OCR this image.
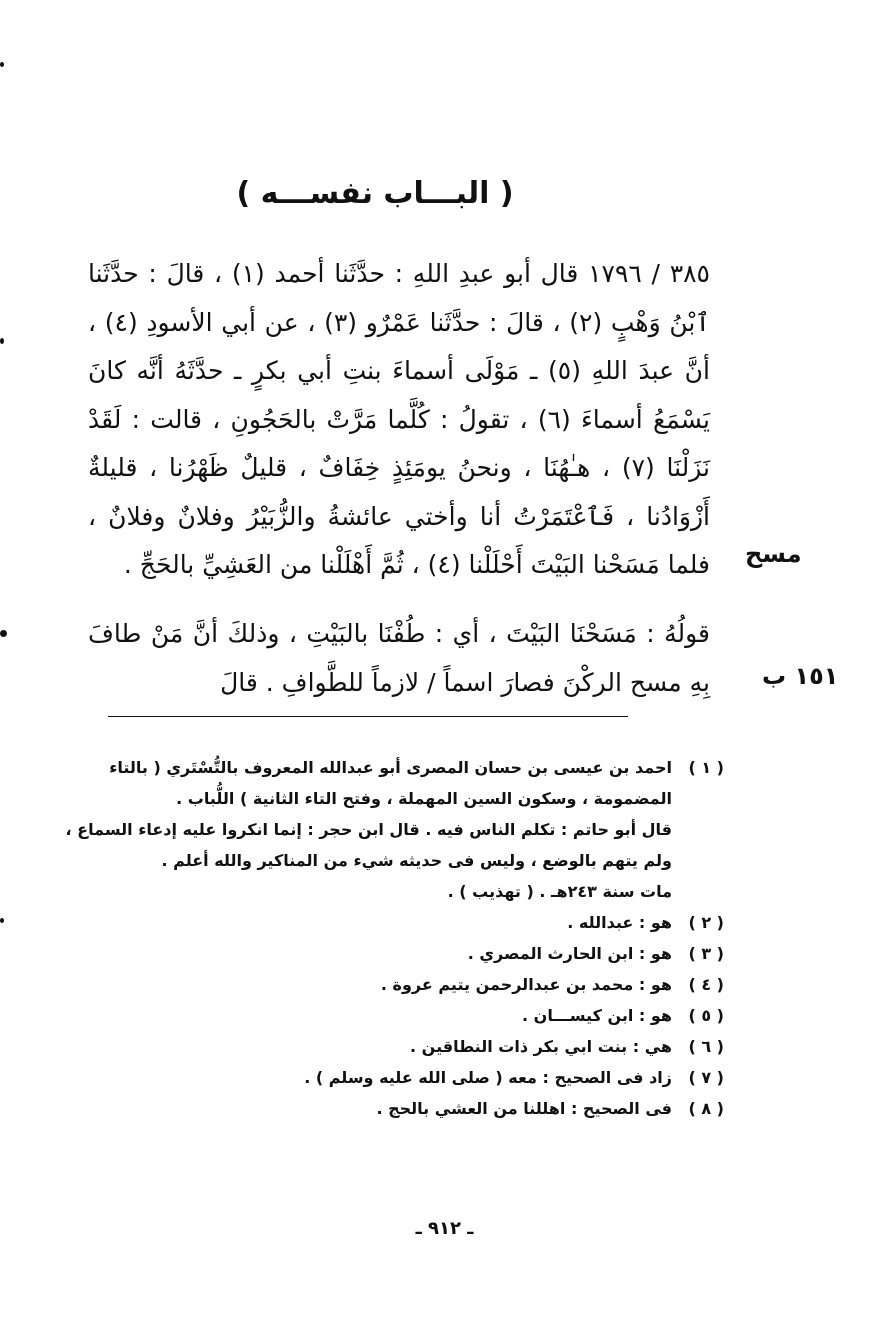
( البـــاب نفســـه )

٣٨٥ / ١٧٩٦ قال أبو عبدِ اللهِ : حدَّثَنا أحمد (١) ، قالَ : حدَّثَنا ٱبْنُ وَهْبٍ (٢) ، قالَ : حدَّثَنا عَمْرٌو (٣) ، عن أبي الأسودِ (٤) ، أنَّ عبدَ اللهِ (٥) ـ مَوْلَى أسماءَ بنتِ أبي بكرٍ ـ حدَّثَهُ أنَّه كانَ يَسْمَعُ أسماءَ (٦) ، تقولُ : كُلَّما مَرَّتْ بالحَجُونِ ، قالت : لَقَدْ نَزَلْنَا (٧) ، هـٰهُنَا ، ونحنُ يومَئِذٍ خِفَافٌ ، قليلٌ ظَهْرُنا ، قليلةٌ أَزْوَادُنا ، فَٱعْتَمَرْتُ أنا وأختي عائشةُ والزُّبَيْرُ وفلانٌ وفلانٌ ، فلما مَسَحْنا البَيْتَ أَحْلَلْنا (٤) ، ثُمَّ أَهْلَلْنا من العَشِيِّ بالحَجِّ . مسح

قولُهُ : مَسَحْنَا البَيْتَ ، أي : طُفْنَا بالبَيْتِ ، وذلكَ أنَّ مَنْ طافَ بِهِ مسح الركْنَ فصارَ اسماً / لازماً للطَّوافِ . قالَ ١٥١ ب
( ١ )

احمد بن عيسى بن حسان المصرى أبو عبدالله المعروف بالتُّسْتَري ( بالتاء المضمومة ، وسكون السين المهملة ، وفتح التاء الثانية ) اللُّباب .

قال أبو حاتم : تكلم الناس فيه . قال ابن حجر : إنما انكروا عليه إدعاء السماع ، ولم يتهم بالوضع ، وليس فى حديثه شيء من المناكير والله أعلم .

مات سنة ٢٤٣هـ . ( تهذيب ) .

( ٢ )

هو : عبدالله .

( ٣ )

هو : ابن الحارث المصري .

( ٤ )

هو : محمد بن عبدالرحمن يتيم عروة .

( ٥ )

هو : ابن كيســـان .

( ٦ )

هي : بنت ابي بكر ذات النطاقين .

( ٧ )

زاد فى الصحيح : معه ( صلى الله عليه وسلم ) .

( ٨ )

فى الصحيح : اهللنا من العشي بالحج .

ـ ٩١٢ ـ
